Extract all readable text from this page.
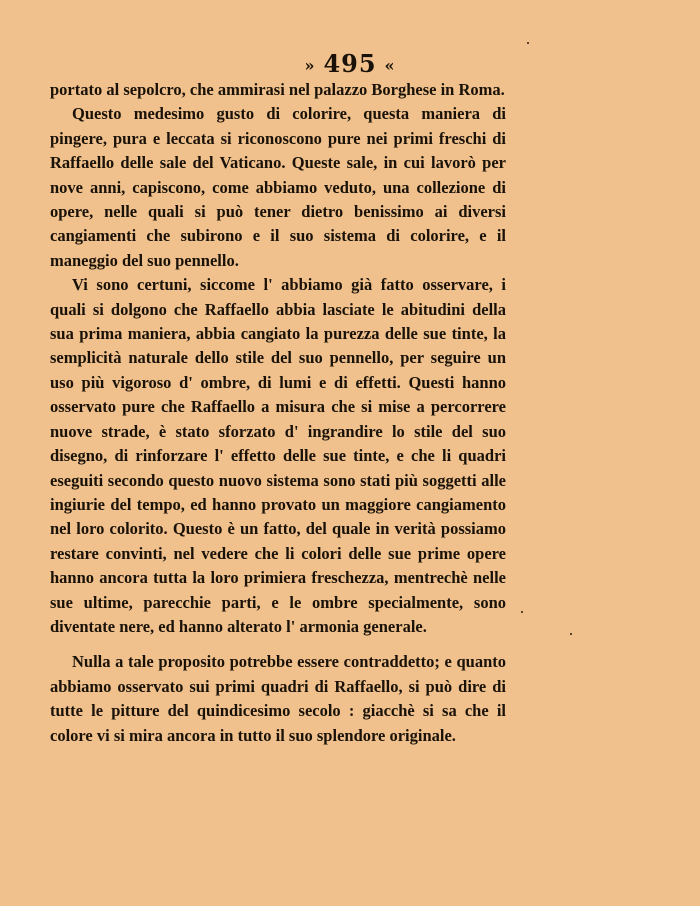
» 495 «

portato al sepolcro, che ammirasi nel palazzo Borghese in Roma.

Questo medesimo gusto di colorire, questa maniera di pingere, pura e leccata si riconoscono pure nei primi freschi di Raffaello delle sale del Vaticano. Queste sale, in cui lavorò per nove anni, capiscono, come abbiamo veduto, una collezione di opere, nelle quali si può tener dietro benissimo ai diversi cangiamenti che subirono e il suo sistema di colorire, e il maneggio del suo pennello.

Vi sono certuni, siccome l' abbiamo già fatto osservare, i quali si dolgono che Raffaello abbia lasciate le abitudini della sua prima maniera, abbia cangiato la purezza delle sue tinte, la semplicità naturale dello stile del suo pennello, per seguire un uso più vigoroso d' ombre, di lumi e di effetti. Questi hanno osservato pure che Raffaello a misura che si mise a percorrere nuove strade, è stato sforzato d' ingrandire lo stile del suo disegno, di rinforzare l' effetto delle sue tinte, e che li quadri eseguiti secondo questo nuovo sistema sono stati più soggetti alle ingiurie del tempo, ed hanno provato un maggiore cangiamento nel loro colorito. Questo è un fatto, del quale in verità possiamo restare convinti, nel vedere che li colori delle sue prime opere hanno ancora tutta la loro primiera freschezza, mentrechè nelle sue ultime, parecchie parti, e le ombre specialmente, sono diventate nere, ed hanno alterato l' armonia generale.

Nulla a tale proposito potrebbe essere contraddetto; e quanto abbiamo osservato sui primi quadri di Raffaello, si può dire di tutte le pitture del quindicesimo secolo : giacchè si sa che il colore vi si mira ancora in tutto il suo splendore originale.
